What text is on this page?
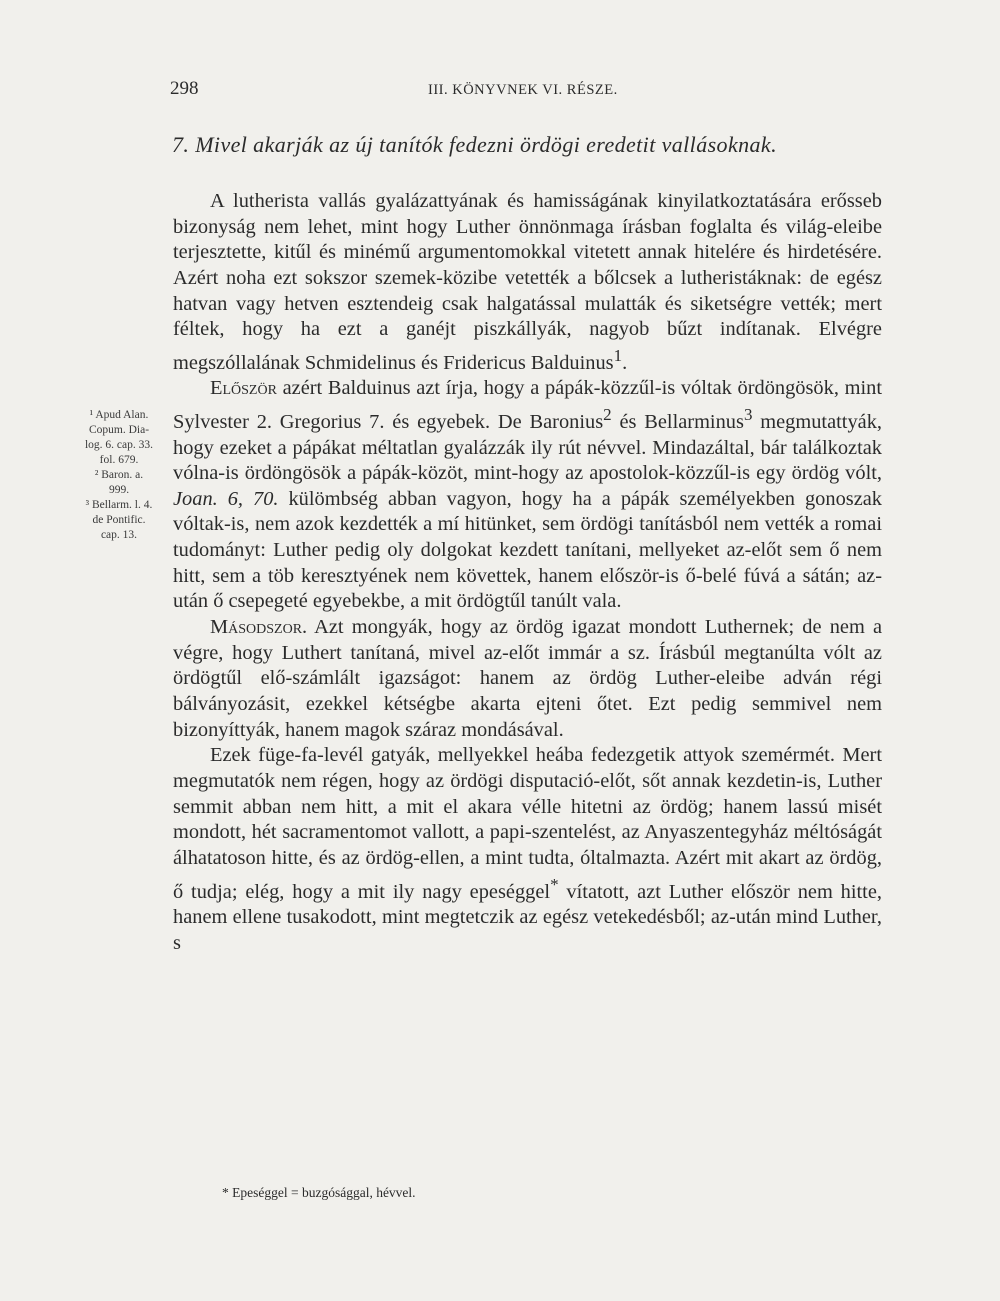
298	III. KÖNYVNEK VI. RÉSZE.
7. Mivel akarják az új tanítók fedezni ördögi eredetit vallásoknak.

A lutherista vallás gyalázattyának és hamisságának kinyilatkoztatására erősseb bizonyság nem lehet, mint hogy Luther önnönmaga írásban foglalta és világ-eleibe terjesztette, kitűl és minémű argumentomokkal vitetett annak hitelére és hirdetésére. Azért noha ezt sokszor szemek-közibe vetették a bőlcsek a lutheristáknak: de egész hatvan vagy hetven esztendeig csak halgatással mulatták és siketségre vették; mert féltek, hogy ha ezt a ganéjt piszkállyák, nagyob bűzt indítanak. Elvégre megszóllalának Schmidelinus és Fridericus Balduinus$^1$.

Először azért Balduinus azt írja, hogy a pápák-közzűl-is vóltak ördöngösök, mint Sylvester 2. Gregorius 7. és egyebek. De Baronius$^2$ és Bellarminus$^3$ megmutattyák, hogy ezeket a pápákat méltatlan gyalázzák ily rút névvel. Mindazáltal, bár találkoztak vólna-is ördöngösök a pápák-közöt, mint-hogy az apostolok-közzűl-is egy ördög vólt, Joan. 6, 70. külömbség abban vagyon, hogy ha a pápák személyekben gonoszak vóltak-is, nem azok kezdették a mí hitünket, sem ördögi tanításból nem vették a romai tudományt: Luther pedig oly dolgokat kezdett tanítani, mellyeket az-előt sem ő nem hitt, sem a töb keresztyének nem követtek, hanem először-is ő-belé fúvá a sátán; az-után ő csepegeté egyebekbe, a mit ördögtűl tanúlt vala.

Másodszor. Azt mongyák, hogy az ördög igazat mondott Luthernek; de nem a végre, hogy Luthert tanítaná, mivel az-előt immár a sz. Írásbúl megtanúlta vólt az ördögtűl elő-számlált igazságot: hanem az ördög Luther-eleibe adván régi bálványozásit, ezekkel kétségbe akarta ejteni őtet. Ezt pedig semmivel nem bizonyíttyák, hanem magok száraz mondásával.

Ezek füge-fa-levél gatyák, mellyekkel heába fedezgetik attyok szemérmét. Mert megmutatók nem régen, hogy az ördögi disputació-előt, sőt annak kezdetin-is, Luther semmit abban nem hitt, a mit el akara vélle hitetni az ördög; hanem lassú misét mondott, hét sacramentomot vallott, a papi-szentelést, az Anyaszentegyház méltóságát álhatatoson hitte, és az ördög-ellen, a mint tudta, óltalmazta. Azért mit akart az ördög, ő tudja; elég, hogy a mit ily nagy epeséggel* vítatott, azt Luther először nem hitte, hanem ellene tusakodott, mint megtetczik az egész vetekedésből; az-után mind Luther, s

¹ Apud Alan.
Copum. Dia-
log. 6. cap. 33.
fol. 679.
² Baron. a.
999.
³ Bellarm. l. 4.
de Pontific.
cap. 13.
* Epeséggel = buzgósággal, hévvel.
